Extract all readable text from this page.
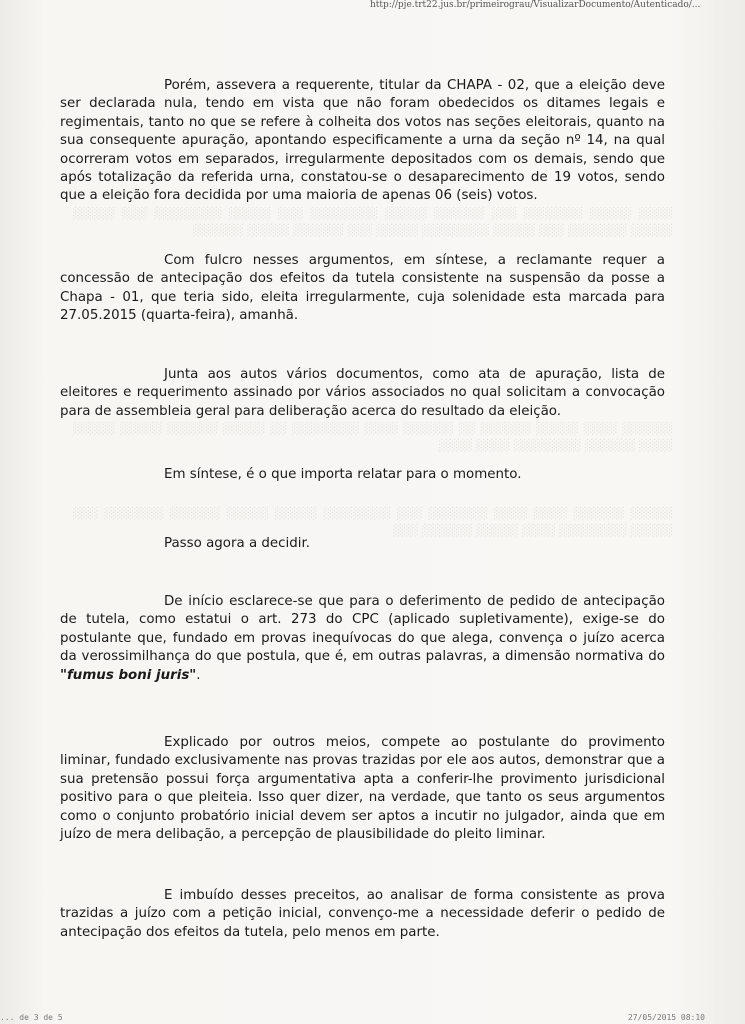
http://pje.trt22.jus.br/primeirograu/VisualizarDocumento/Autenticado/...

░░░░ ░░░░░ ░░░░░░░ ░░░ ░░░░░░ ░░░░░ ░░░░░░░░ ░░░ ░░░░░ ░░░░░░░░ ░░░ ░░░░░ ░░░░░ ░░░░░░░ ░░░ ░░░░░ ░░░░░░░░ ░░░░░ ░░░ ░░░░░░ ░░░░░ ░░░░░░

░░░░░░ ░░░░ ░░░░░ ░░░░░░ ░░ ░░░░░░ ░░░░ ░░░░░░░░ ░░ ░░░░░ ░░░░░░ ░░░░░ ░░░░░ ░░░░ ░░░░░░ ░░░░░░░░ ░░░░ ░░░░

░░░░░ ░░░░░░ ░░░░ ░░░░ ░░░░░░░ ░░░ ░░░░░░░░ ░░░░░ ░░░░░ ░░░░░░ ░░░░░░░ ░░░ ░░░░░ ░░░░░░░░ ░░░░ ░░░░░ ░░░░░░ ░░░

Porém, assevera a requerente, titular da CHAPA - 02, que a eleição deve ser declarada nula, tendo em vista que não foram obedecidos os ditames legais e regimentais, tanto no que se refere à colheita dos votos nas seções eleitorais, quanto na sua consequente apuração, apontando especificamente a urna da seção nº 14, na qual ocorreram votos em separados, irregularmente depositados com os demais, sendo que após totalização da referida urna, constatou-se o desaparecimento de 19 votos, sendo que a eleição fora decidida por uma maioria de apenas 06 (seis) votos.

Com fulcro nesses argumentos, em síntese, a reclamante requer a concessão de antecipação dos efeitos da tutela consistente na suspensão da posse a Chapa - 01, que teria sido, eleita irregularmente, cuja solenidade esta marcada para 27.05.2015 (quarta-feira), amanhã.

Junta aos autos vários documentos, como ata de apuração, lista de eleitores e requerimento assinado por vários associados no qual solicitam a convocação para de assembleia geral para deliberação acerca do resultado da eleição.

Em síntese, é o que importa relatar para o momento.

Passo agora a decidir.

De início esclarece-se que para o deferimento de pedido de antecipação de tutela, como estatui o art. 273 do CPC (aplicado supletivamente), exige-se do postulante que, fundado em provas inequívocas do que alega, convença o juízo acerca da verossimilhança do que postula, que é, em outras palavras, a dimensão normativa do "fumus boni juris".

Explicado por outros meios, compete ao postulante do provimento liminar, fundado exclusivamente nas provas trazidas por ele aos autos, demonstrar que a sua pretensão possui força argumentativa apta a conferir-lhe provimento jurisdicional positivo para o que pleiteia. Isso quer dizer, na verdade, que tanto os seus argumentos como o conjunto probatório inicial devem ser aptos a incutir no julgador, ainda que em juízo de mera delibação, a percepção de plausibilidade do pleito liminar.

E imbuído desses preceitos, ao analisar de forma consistente as prova trazidas a juízo com a petição inicial, convenço-me a necessidade deferir o pedido de antecipação dos efeitos da tutela, pelo menos em parte.

... de 3 de 5	27/05/2015 08:10
